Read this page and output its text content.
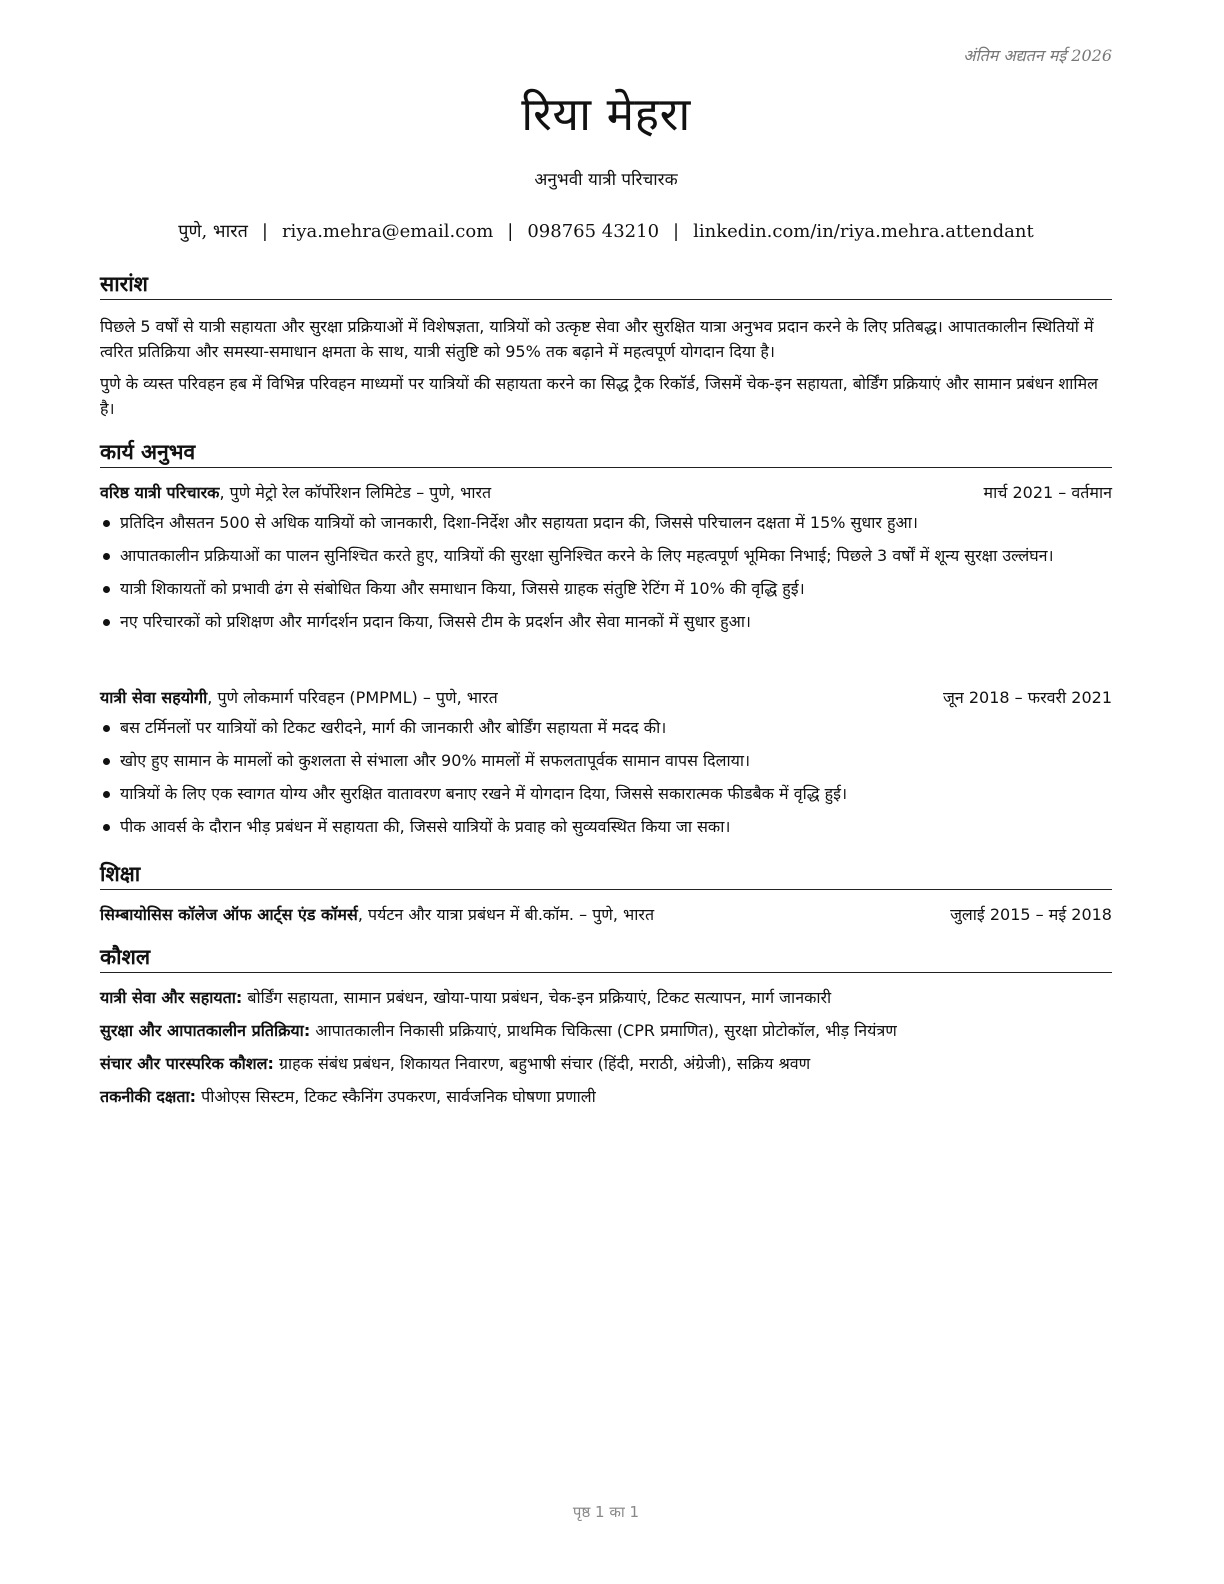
अंतिम अद्यतन मई 2026
रिया मेहरा
अनुभवी यात्री परिचारक
पुणे, भारत | riya.mehra@email.com | 098765 43210 | linkedin.com/in/riya.mehra.attendant
सारांश
पिछले 5 वर्षों से यात्री सहायता और सुरक्षा प्रक्रियाओं में विशेषज्ञता, यात्रियों को उत्कृष्ट सेवा और सुरक्षित यात्रा अनुभव प्रदान करने के लिए प्रतिबद्ध। आपातकालीन स्थितियों में त्वरित प्रतिक्रिया और समस्या-समाधान क्षमता के साथ, यात्री संतुष्टि को 95% तक बढ़ाने में महत्वपूर्ण योगदान दिया है।
पुणे के व्यस्त परिवहन हब में विभिन्न परिवहन माध्यमों पर यात्रियों की सहायता करने का सिद्ध ट्रैक रिकॉर्ड, जिसमें चेक-इन सहायता, बोर्डिंग प्रक्रियाएं और सामान प्रबंधन शामिल है।
कार्य अनुभव
वरिष्ठ यात्री परिचारक, पुणे मेट्रो रेल कॉर्पोरेशन लिमिटेड – पुणे, भारत	मार्च 2021 – वर्तमान
प्रतिदिन औसतन 500 से अधिक यात्रियों को जानकारी, दिशा-निर्देश और सहायता प्रदान की, जिससे परिचालन दक्षता में 15% सुधार हुआ।
आपातकालीन प्रक्रियाओं का पालन सुनिश्चित करते हुए, यात्रियों की सुरक्षा सुनिश्चित करने के लिए महत्वपूर्ण भूमिका निभाई; पिछले 3 वर्षों में शून्य सुरक्षा उल्लंघन।
यात्री शिकायतों को प्रभावी ढंग से संबोधित किया और समाधान किया, जिससे ग्राहक संतुष्टि रेटिंग में 10% की वृद्धि हुई।
नए परिचारकों को प्रशिक्षण और मार्गदर्शन प्रदान किया, जिससे टीम के प्रदर्शन और सेवा मानकों में सुधार हुआ।
यात्री सेवा सहयोगी, पुणे लोकमार्ग परिवहन (PMPML) – पुणे, भारत	जून 2018 – फरवरी 2021
बस टर्मिनलों पर यात्रियों को टिकट खरीदने, मार्ग की जानकारी और बोर्डिंग सहायता में मदद की।
खोए हुए सामान के मामलों को कुशलता से संभाला और 90% मामलों में सफलतापूर्वक सामान वापस दिलाया।
यात्रियों के लिए एक स्वागत योग्य और सुरक्षित वातावरण बनाए रखने में योगदान दिया, जिससे सकारात्मक फीडबैक में वृद्धि हुई।
पीक आवर्स के दौरान भीड़ प्रबंधन में सहायता की, जिससे यात्रियों के प्रवाह को सुव्यवस्थित किया जा सका।
शिक्षा
सिम्बायोसिस कॉलेज ऑफ आर्ट्स एंड कॉमर्स, पर्यटन और यात्रा प्रबंधन में बी.कॉम. – पुणे, भारत	जुलाई 2015 – मई 2018
कौशल
यात्री सेवा और सहायता: बोर्डिंग सहायता, सामान प्रबंधन, खोया-पाया प्रबंधन, चेक-इन प्रक्रियाएं, टिकट सत्यापन, मार्ग जानकारी
सुरक्षा और आपातकालीन प्रतिक्रिया: आपातकालीन निकासी प्रक्रियाएं, प्राथमिक चिकित्सा (CPR प्रमाणित), सुरक्षा प्रोटोकॉल, भीड़ नियंत्रण
संचार और पारस्परिक कौशल: ग्राहक संबंध प्रबंधन, शिकायत निवारण, बहुभाषी संचार (हिंदी, मराठी, अंग्रेजी), सक्रिय श्रवण
तकनीकी दक्षता: पीओएस सिस्टम, टिकट स्कैनिंग उपकरण, सार्वजनिक घोषणा प्रणाली
पृष्ठ 1 का 1
